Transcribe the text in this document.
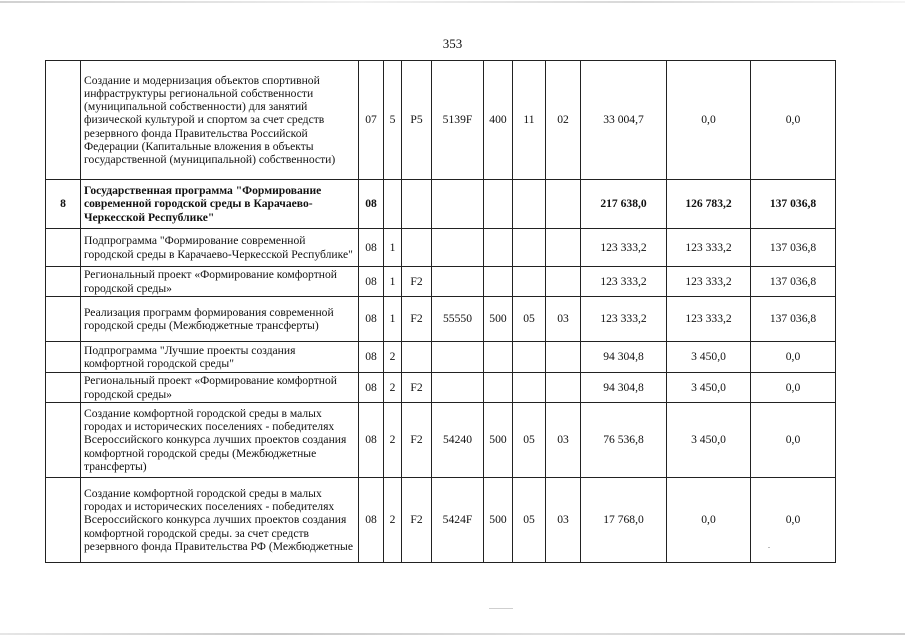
353
	Создание и модернизация объектов спортивной инфраструктуры региональной собственности (муниципальной собственности) для занятий физической культурой и спортом за счет средств резервного фонда Правительства Российской Федерации (Капитальные вложения в объекты государственной (муниципальной) собственности)	07	5	P5	5139F	400	11	02	33 004,7	0,0	0,0
8	Государственная программа "Формирование современной городской среды в Карачаево-Черкесской Республике"	08							217 638,0	126 783,2	137 036,8
	Подпрограмма "Формирование современной городской среды в Карачаево-Черкесской Республике"	08	1						123 333,2	123 333,2	137 036,8
	Региональный проект «Формирование комфортной городской среды»	08	1	F2					123 333,2	123 333,2	137 036,8
	Реализация программ формирования современной городской среды (Межбюджетные трансферты)	08	1	F2	55550	500	05	03	123 333,2	123 333,2	137 036,8
	Подпрограмма "Лучшие проекты создания комфортной городской среды"	08	2						94 304,8	3 450,0	0,0
	Региональный проект «Формирование комфортной городской среды»	08	2	F2					94 304,8	3 450,0	0,0
	Создание комфортной городской среды в малых городах и исторических поселениях - победителях Всероссийского конкурса лучших проектов создания комфортной городской среды (Межбюджетные трансферты)	08	2	F2	54240	500	05	03	76 536,8	3 450,0	0,0
	Создание комфортной городской среды в малых городах и исторических поселениях - победителях Всероссийского конкурса лучших проектов создания комфортной городской среды. за счет средств резервного фонда Правительства РФ (Межбюджетные	08	2	F2	5424F	500	05	03	17 768,0	0,0	0,0
